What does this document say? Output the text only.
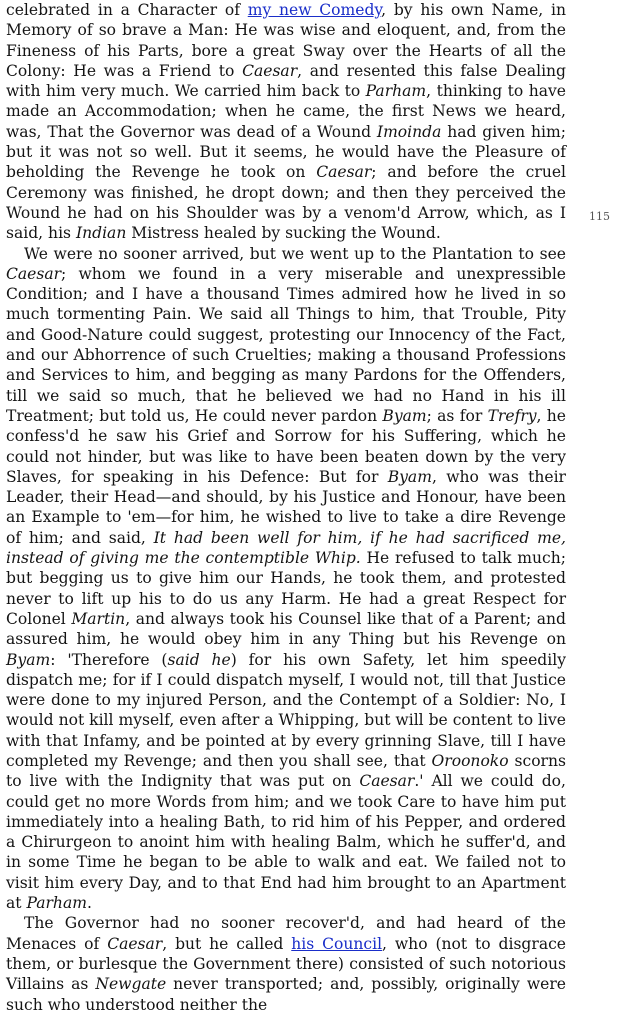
celebrated in a Character of my new Comedy, by his own Name, in Memory of so brave a Man: He was wise and eloquent, and, from the Fineness of his Parts, bore a great Sway over the Hearts of all the Colony: He was a Friend to Caesar, and resented this false Dealing with him very much. We carried him back to Parham, thinking to have made an Accommodation; when he came, the first News we heard, was, That the Governor was dead of a Wound Imoinda had given him; but it was not so well. But it seems, he would have the Pleasure of beholding the Revenge he took on Caesar; and before the cruel Ceremony was finished, he dropt down; and then they perceived the Wound he had on his Shoulder was by a venom'd Arrow, which, as I said, his Indian Mistress healed by sucking the Wound.

We were no sooner arrived, but we went up to the Plantation to see Caesar; whom we found in a very miserable and unexpressible Condition; and I have a thousand Times admired how he lived in so much tormenting Pain. We said all Things to him, that Trouble, Pity and Good-Nature could suggest, protesting our Innocency of the Fact, and our Abhorrence of such Cruelties; making a thousand Professions and Services to him, and begging as many Pardons for the Offenders, till we said so much, that he believed we had no Hand in his ill Treatment; but told us, He could never pardon Byam; as for Trefry, he confess'd he saw his Grief and Sorrow for his Suffering, which he could not hinder, but was like to have been beaten down by the very Slaves, for speaking in his Defence: But for Byam, who was their Leader, their Head—and should, by his Justice and Honour, have been an Example to 'em—for him, he wished to live to take a dire Revenge of him; and said, It had been well for him, if he had sacrificed me, instead of giving me the contemptible Whip. He refused to talk much; but begging us to give him our Hands, he took them, and protested never to lift up his to do us any Harm. He had a great Respect for Colonel Martin, and always took his Counsel like that of a Parent; and assured him, he would obey him in any Thing but his Revenge on Byam: 'Therefore (said he) for his own Safety, let him speedily dispatch me; for if I could dispatch myself, I would not, till that Justice were done to my injured Person, and the Contempt of a Soldier: No, I would not kill myself, even after a Whipping, but will be content to live with that Infamy, and be pointed at by every grinning Slave, till I have completed my Revenge; and then you shall see, that Oroonoko scorns to live with the Indignity that was put on Caesar.' All we could do, could get no more Words from him; and we took Care to have him put immediately into a healing Bath, to rid him of his Pepper, and ordered a Chirurgeon to anoint him with healing Balm, which he suffer'd, and in some Time he began to be able to walk and eat. We failed not to visit him every Day, and to that End had him brought to an Apartment at Parham.

The Governor had no sooner recover'd, and had heard of the Menaces of Caesar, but he called his Council, who (not to disgrace them, or burlesque the Government there) consisted of such notorious Villains as Newgate never transported; and, possibly, originally were such who understood neither the

115
